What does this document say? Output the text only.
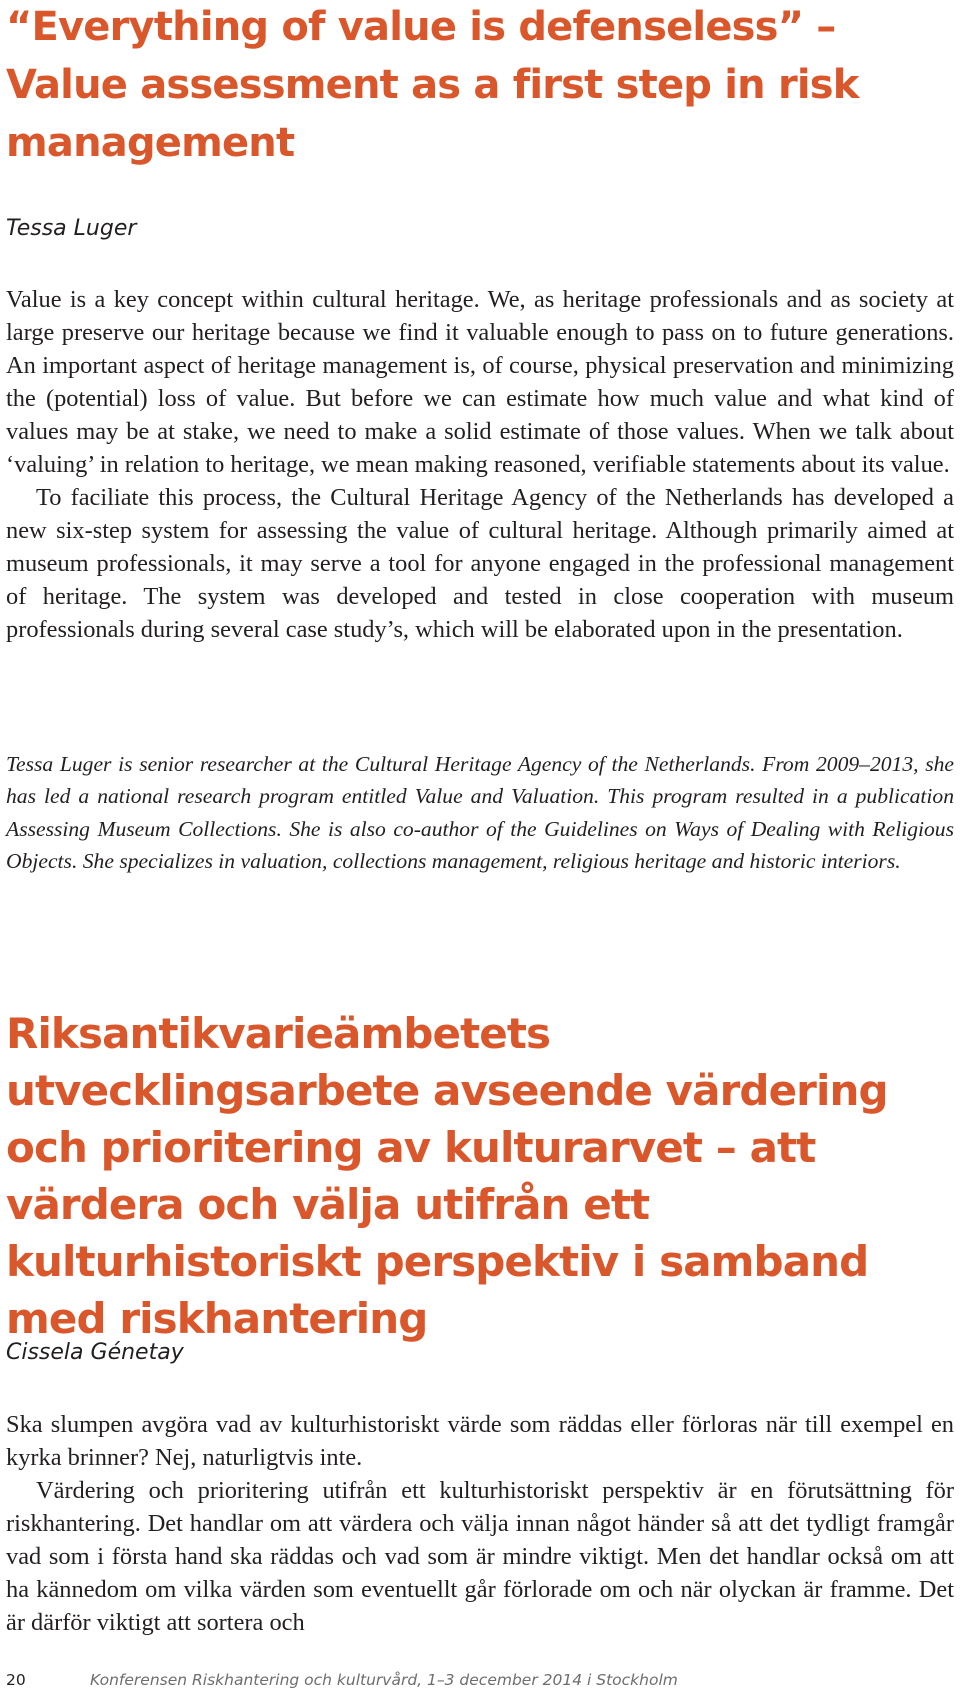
“Everything of value is defenseless” – Value assessment as a first step in risk management
Tessa Luger

Value is a key concept within cultural heritage. We, as heritage professionals and as society at large preserve our heritage because we find it valuable enough to pass on to future generations. An important aspect of heritage management is, of course, physical preservation and minimizing the (potential) loss of value. But before we can estimate how much value and what kind of values may be at stake, we need to make a solid estimate of those values. When we talk about ‘valuing’ in relation to heritage, we mean making reasoned, verifiable statements about its value.

To faciliate this process, the Cultural Heritage Agency of the Netherlands has developed a new six-step system for assessing the value of cultural heritage. Although primarily aimed at museum professionals, it may serve a tool for anyone engaged in the professional management of heritage. The system was developed and tested in close cooperation with museum professionals during several case study’s, which will be elaborated upon in the presentation.

Tessa Luger is senior researcher at the Cultural Heritage Agency of the Netherlands. From 2009–2013, she has led a national research program entitled Value and Valuation. This program resulted in a publication Assessing Museum Collections. She is also co-author of the Guidelines on Ways of Dealing with Religious Objects. She specializes in valuation, collections management, religious heritage and historic interiors.
Riksantikvarieämbetets utvecklingsarbete avseende värdering och prioritering av kulturarvet – att värdera och välja utifrån ett kulturhistoriskt perspektiv i samband med riskhantering
Cissela Génetay

Ska slumpen avgöra vad av kulturhistoriskt värde som räddas eller förloras när till exempel en kyrka brinner? Nej, naturligtvis inte.

Värdering och prioritering utifrån ett kulturhistoriskt perspektiv är en förutsättning för riskhantering. Det handlar om att värdera och välja innan något händer så att det tydligt framgår vad som i första hand ska räddas och vad som är mindre viktigt. Men det handlar också om att ha kännedom om vilka värden som eventuellt går förlorade om och när olyckan är framme. Det är därför viktigt att sortera och

20	Konferensen Riskhantering och kulturvård, 1–3 december 2014 i Stockholm
